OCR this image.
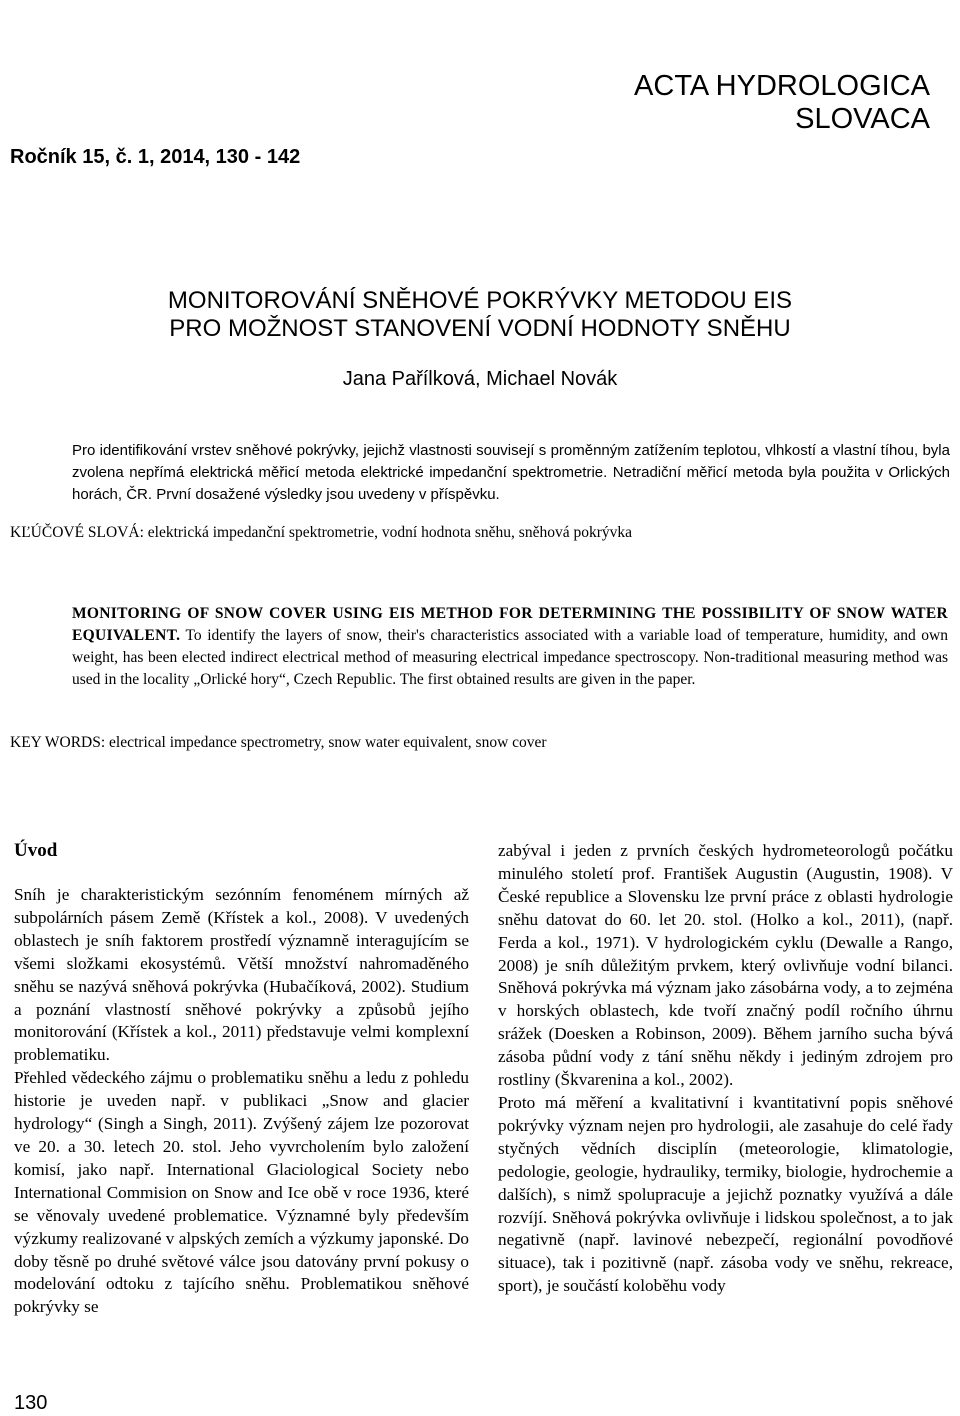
ACTA HYDROLOGICA
SLOVACA
Ročník 15, č. 1, 2014, 130 - 142
MONITOROVÁNÍ SNĚHOVÉ POKRÝVKY METODOU EIS
PRO MOŽNOST STANOVENÍ VODNÍ HODNOTY SNĚHU
Jana Pařílková, Michael Novák
Pro identifikování vrstev sněhové pokrývky, jejichž vlastnosti souvisejí s proměnným zatížením teplotou, vlhkostí a vlastní tíhou, byla zvolena nepřímá elektrická měřicí metoda elektrické impedanční spektrometrie. Netradiční měřicí metoda byla použita v Orlických horách, ČR. První dosažené výsledky jsou uvedeny v příspěvku.
KĽÚČOVÉ SLOVÁ: elektrická impedanční spektrometrie, vodní hodnota sněhu, sněhová pokrývka
MONITORING OF SNOW COVER USING EIS METHOD FOR DETERMINING THE POSSIBILITY OF SNOW WATER EQUIVALENT. To identify the layers of snow, their's characteristics associated with a variable load of temperature, humidity, and own weight, has been elected indirect electrical method of measuring electrical impedance spectroscopy. Non-traditional measuring method was used in the locality „Orlické hory“, Czech Republic. The first obtained results are given in the paper.
KEY WORDS: electrical impedance spectrometry, snow water equivalent, snow cover
Úvod

Sníh je charakteristickým sezónním fenoménem mírných až subpolárních pásem Země (Křístek a kol., 2008). V uvedených oblastech je sníh faktorem prostředí významně interagujícím se všemi složkami ekosystémů. Větší množství nahromaděného sněhu se nazývá sněhová pokrývka (Hubačíková, 2002). Studium a poznání vlastností sněhové pokrývky a způsobů jejího monitorování (Křístek a kol., 2011) představuje velmi komplexní problematiku.

Přehled vědeckého zájmu o problematiku sněhu a ledu z pohledu historie je uveden např. v publikaci „Snow and glacier hydrology“ (Singh a Singh, 2011). Zvýšený zájem lze pozorovat ve 20. a 30. letech 20. stol. Jeho vyvrcholením bylo založení komisí, jako např. International Glaciological Society nebo International Commision on Snow and Ice obě v roce 1936, které se věnovaly uvedené problematice. Významné byly především výzkumy realizované v alpských zemích a výzkumy japonské. Do doby těsně po druhé světové válce jsou datovány první pokusy o modelování odtoku z tajícího sněhu. Problematikou sněhové pokrývky se

zabýval i jeden z prvních českých hydrometeorologů počátku minulého století prof. František Augustin (Augustin, 1908). V České republice a Slovensku lze první práce z oblasti hydrologie sněhu datovat do 60. let 20. stol. (Holko a kol., 2011), (např. Ferda a kol., 1971). V hydrologickém cyklu (Dewalle a Rango, 2008) je sníh důležitým prvkem, který ovlivňuje vodní bilanci. Sněhová pokrývka má význam jako zásobárna vody, a to zejména v horských oblastech, kde tvoří značný podíl ročního úhrnu srážek (Doesken a Robinson, 2009). Během jarního sucha bývá zásoba půdní vody z tání sněhu někdy i jediným zdrojem pro rostliny (Škvarenina a kol., 2002).

Proto má měření a kvalitativní i kvantitativní popis sněhové pokrývky význam nejen pro hydrologii, ale zasahuje do celé řady styčných vědních disciplín (meteorologie, klimatologie, pedologie, geologie, hydrauliky, termiky, biologie, hydrochemie a dalších), s nimž spolupracuje a jejichž poznatky využívá a dále rozvíjí. Sněhová pokrývka ovlivňuje i lidskou společnost, a to jak negativně (např. lavinové nebezpečí, regionální povodňové situace), tak i pozitivně (např. zásoba vody ve sněhu, rekreace, sport), je součástí koloběhu vody

130
